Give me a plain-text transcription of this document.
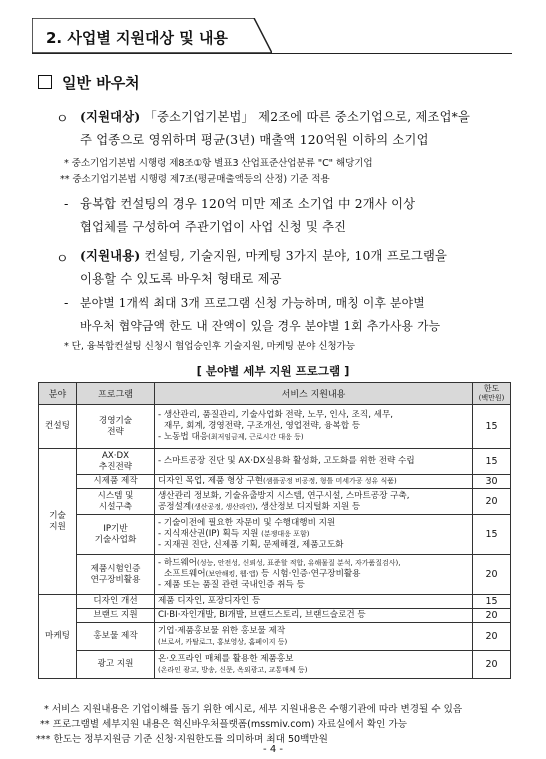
2. 사업별 지원대상 및 내용
일반 바우처
ㅇ (지원대상) 「중소기업기본법」 제2조에 따른 중소기업으로, 제조업*을
주 업종으로 영위하며 평균(3년) 매출액 120억원 이하의 소기업
* 중소기업기본법 시행령 제8조①항 별표3 산업표준산업분류 "C" 해당기업
** 중소기업기본법 시행령 제7조(평균매출액등의 산정) 기준 적용
- 융복합 컨설팅의 경우 120억 미만 제조 소기업 中 2개사 이상
협업체를 구성하여 주관기업이 사업 신청 및 추진
ㅇ (지원내용) 컨설팅, 기술지원, 마케팅 3가지 분야, 10개 프로그램을
이용할 수 있도록 바우처 형태로 제공
- 분야별 1개씩 최대 3개 프로그램 신청 가능하며, 매칭 이후 분야별
바우처 협약금액 한도 내 잔액이 있을 경우 분야별 1회 추가사용 가능
* 단, 융복합컨설팅 신청시 협업승인후 기술지원, 마케팅 분야 신청가능
[ 분야별 세부 지원 프로그램 ]
분야	프로그램	서비스 지원내용	한도
(백만원)
컨설팅	경영기술
전략	- 생산관리, 품질관리, 기술사업화 전략, 노무, 인사, 조직, 세무,
재무, 회계, 경영전략, 구조개선, 영업전략, 융복합 등
- 노동법 대응(최저임금제, 근로시간 대응 등)	15
기술
지원	AX·DX
추진전략	- 스마트공장 진단 및 AX·DX실용화 활성화, 고도화를 위한 전략 수립	15
	시제품 제작	디자인 목업, 제품 형상 구현(샘플공정 비공정, 형틀 미세가공 성유 식품)	30
	시스템 및
시설구축	생산관리 정보화, 기술유출방지 시스템, 연구시설, 스마트공장 구축,
공정설계(생산공정, 생산라인), 생산정보 디지털화 지원 등	20
	IP기반
기술사업화	- 기술이전에 필요한 자문비 및 수행대행비 지원
- 지식재산권(IP) 획득 지원 (분쟁대응 포함)
- 지재권 진단, 신제품 기획, 문제해결, 제품고도화	15
	제품시험인증
연구장비활용	- 하드웨어(성능, 안전성, 신뢰성, 표준할 적합, 유해물질 분석, 자가품질검사),
소프트웨어(보안해킹, 웹·앱) 등 시험·인증·연구장비활용
- 제품 또는 품질 관련 국내인증 취득 등	20
마케팅	디자인 개선	제품 디자인, 포장디자인 등	15
	브랜드 지원	CI·BI·자인개발, BI개발, 브랜드스토리, 브랜드슬로건 등	20
	홍보물 제작	기업·제품홍보물 위한 홍보물 제작
(브로셔, 카탈로그, 홍보영상, 홈페이지 등)	20
	광고 지원	온·오프라인 매체를 활용한 제품홍보
(온라인 광고, 방송, 신문, 옥외광고, 교통매체 등)	20
* 서비스 지원내용은 기업이해를 돕기 위한 예시로, 세부 지원내용은 수행기관에 따라 변경될 수 있음
** 프로그램별 세부지원 내용은 혁신바우처플랫폼(mssmiv.com) 자료실에서 확인 가능
*** 한도는 정부지원금 기준 신청·지원한도를 의미하며 최대 50백만원
- 4 -
